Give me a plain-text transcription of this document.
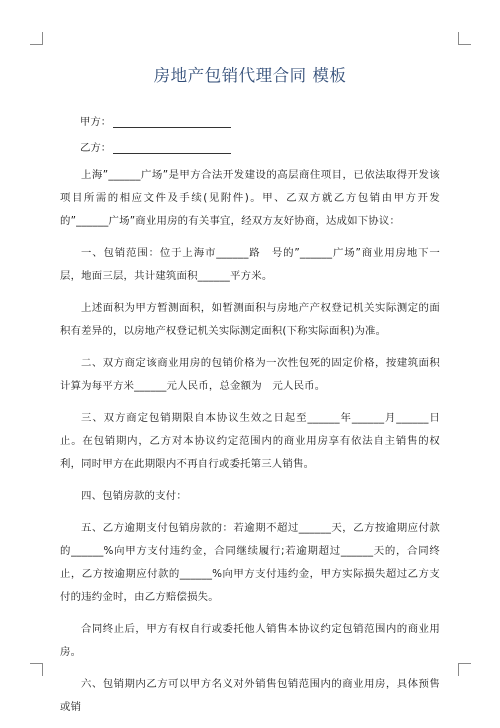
房地产包销代理合同 模板
甲方：
乙方：

上海”______广场”是甲方合法开发建设的高层商住项目，已依法取得开发该项目所需的相应文件及手续(见附件)。甲、乙双方就乙方包销由甲方开发的”______广场”商业用房的有关事宜，经双方友好协商，达成如下协议：

一、包销范围：位于上海市______路　号的”______广场”商业用房地下一层，地面三层，共计建筑面积______平方米。

上述面积为甲方暂测面积，如暂测面积与房地产产权登记机关实际测定的面积有差异的，以房地产权登记机关实际测定面积(下称实际面积)为准。

二、双方商定该商业用房的包销价格为一次性包死的固定价格，按建筑面积计算为每平方米______元人民币，总金额为　元人民币。

三、双方商定包销期限自本协议生效之日起至______年______月______日止。在包销期内，乙方对本协议约定范围内的商业用房享有依法自主销售的权利，同时甲方在此期限内不再自行或委托第三人销售。

四、包销房款的支付：

五、乙方逾期支付包销房款的：若逾期不超过______天，乙方按逾期应付款的______%向甲方支付违约金，合同继续履行;若逾期超过______天的，合同终止，乙方按逾期应付款的______%向甲方支付违约金，甲方实际损失超过乙方支付的违约金时，由乙方赔偿损失。

合同终止后，甲方有权自行或委托他人销售本协议约定包销范围内的商业用房。

六、包销期内乙方可以甲方名义对外销售包销范围内的商业用房，具体预售或销
